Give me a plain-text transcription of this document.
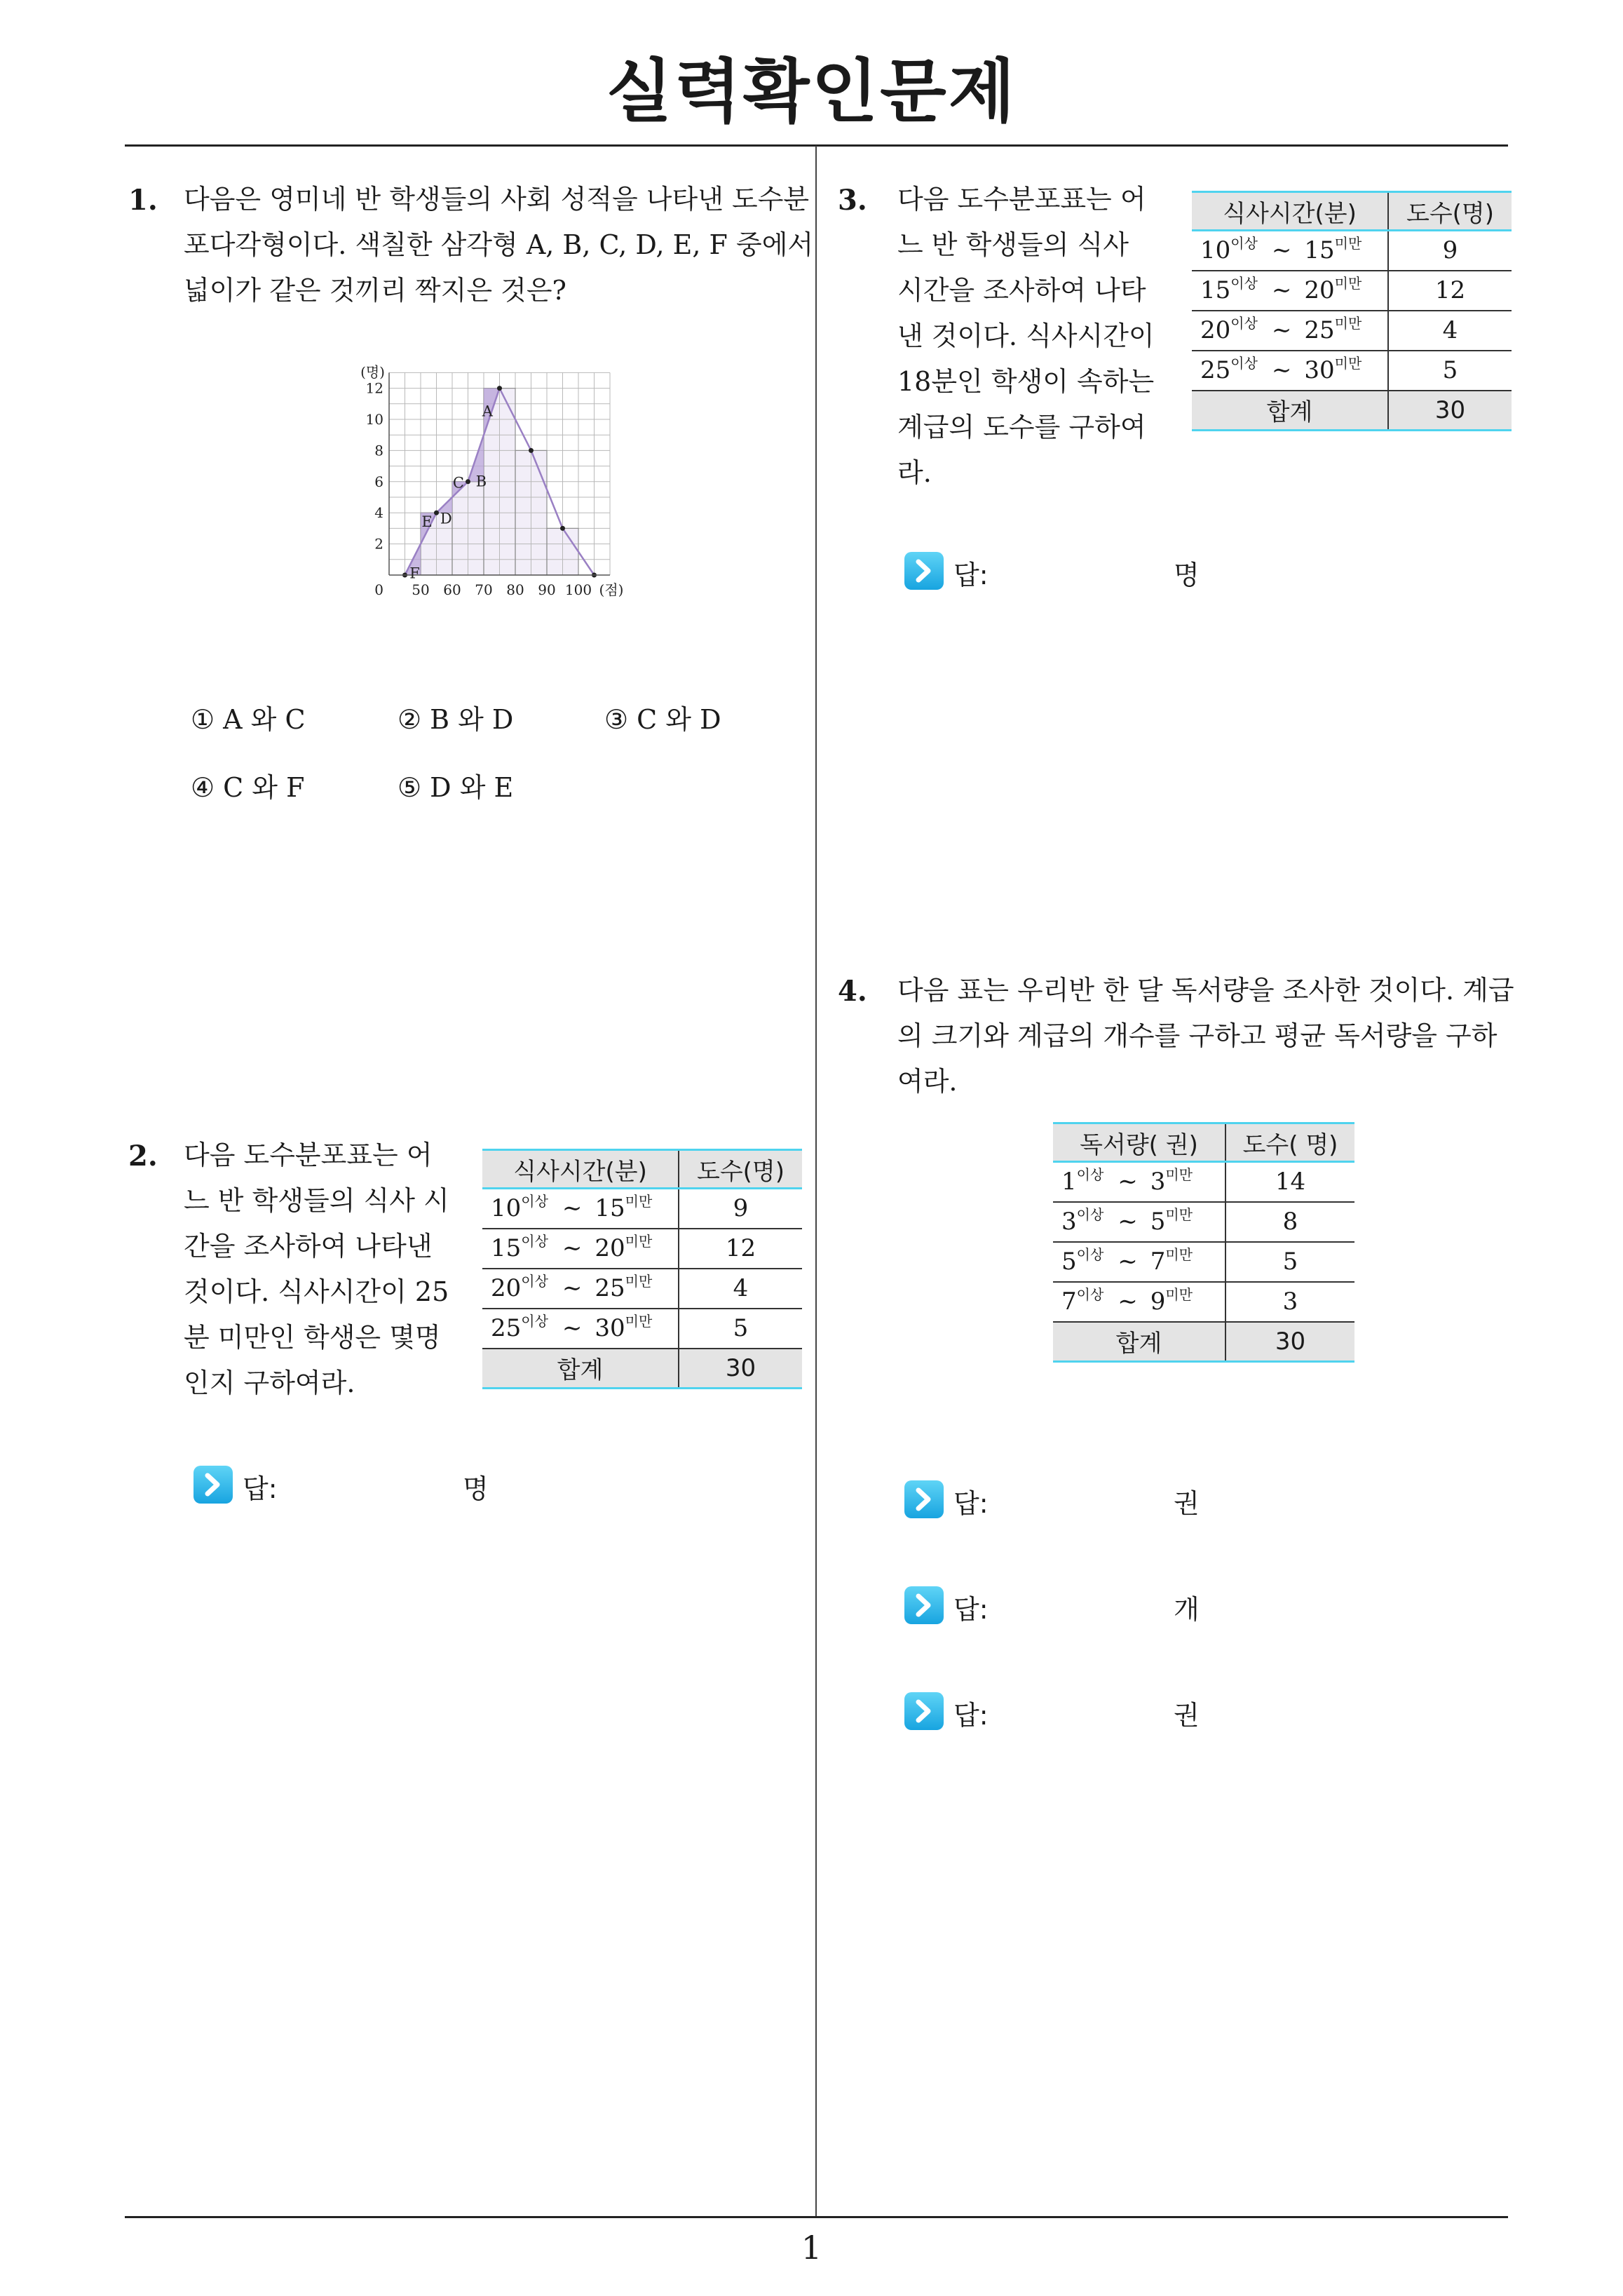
실력확인문제
1. 다음은 영미네 반 학생들의 사회 성적을 나타낸 도수분
포다각형이다. 색칠한 삼각형 A, B, C, D, E, F 중에서
넓이가 같은 것끼리 짝지은 것은?
2
4
6
8
10
12
(명)
50 60 70 80 90 100
0	(점)
A
B
C
D
E
F
① A 와 C	② B 와 D	③ C 와 D
④ C 와 F	⑤ D 와 E
2. 다음 도수분포표는 어
느 반 학생들의 식사 시
간을 조사하여 나타낸
것이다. 식사시간이 25
분 미만인 학생은 몇명
인지 구하여라.
식사시간(분)	도수(명)
$10^{이상}$ ∼ $15^{미만}$	9
$15^{이상}$ ∼ $20^{미만}$	12
$20^{이상}$ ∼ $25^{미만}$	4
$25^{이상}$ ∼ $30^{미만}$	5
합계	30
답:	명
3. 다음 도수분포표는 어
느 반 학생들의 식사
시간을 조사하여 나타
낸 것이다. 식사시간이
18분인 학생이 속하는
계급의 도수를 구하여
라.
식사시간(분)	도수(명)
$10^{이상}$ ∼ $15^{미만}$	9
$15^{이상}$ ∼ $20^{미만}$	12
$20^{이상}$ ∼ $25^{미만}$	4
$25^{이상}$ ∼ $30^{미만}$	5
합계	30
답:	명
4. 다음 표는 우리반 한 달 독서량을 조사한 것이다. 계급
의 크기와 계급의 개수를 구하고 평균 독서량을 구하
여라.
독서량( 권)	도수( 명)
$1^{이상}$ ∼ $3^{미만}$	14
$3^{이상}$ ∼ $5^{미만}$	8
$5^{이상}$ ∼ $7^{미만}$	5
$7^{이상}$ ∼ $9^{미만}$	3
합계	30
답:	권
답:	개
답:	권
1
